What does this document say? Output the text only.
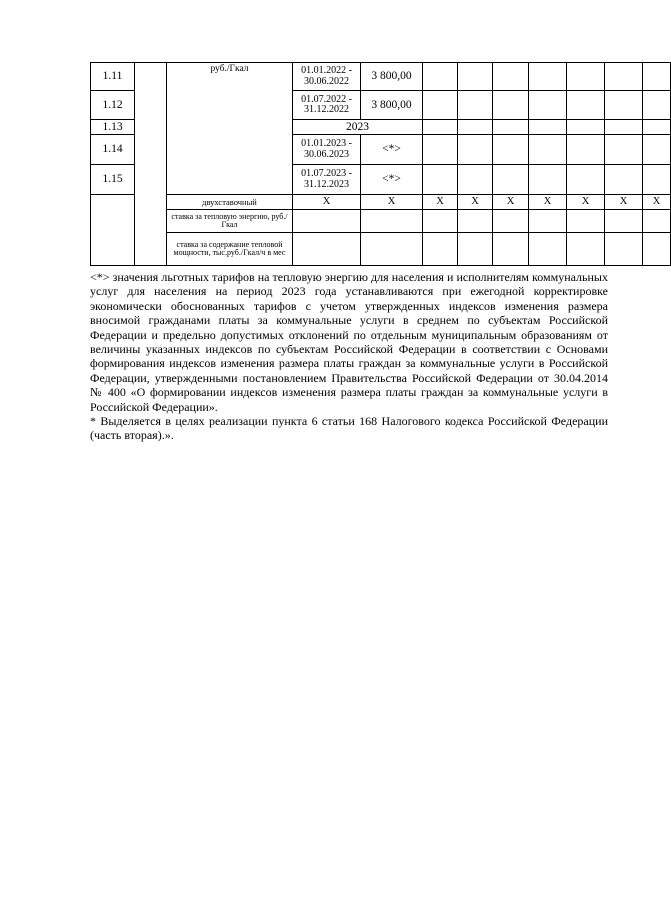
1.11		руб./Гкал	01.01.2022 - 30.06.2022	3 800,00							
1.12			01.07.2022 - 31.12.2022	3 800,00							
1.13			2023								
1.14			01.01.2023 - 30.06.2023	<*>							
1.15			01.07.2023 - 31.12.2023	<*>							
		двухставочный	X	X	X	X	X	X	X	X	X
		ставка за тепловую энергию, руб./Гкал									
		ставка за содержание тепловой мощности, тыс.руб./Гкал/ч в мес									

<*> значения льготных тарифов на тепловую энергию для населения и исполнителям коммунальных услуг для населения на период 2023 года устанавливаются при ежегодной корректировке экономически обоснованных тарифов с учетом утвержденных индексов изменения размера вносимой гражданами платы за коммунальные услуги в среднем по субъектам Российской Федерации и предельно допустимых отклонений по отдельным муниципальным образованиям от величины указанных индексов по субъектам Российской Федерации в соответствии с Основами формирования индексов изменения размера платы граждан за коммунальные услуги в Российской Федерации, утвержденными постановлением Правительства Российской Федерации от 30.04.2014 № 400 «О формировании индексов изменения размера платы граждан за коммунальные услуги в Российской Федерации».

* Выделяется в целях реализации пункта 6 статьи 168 Налогового кодекса Российской Федерации (часть вторая).».
